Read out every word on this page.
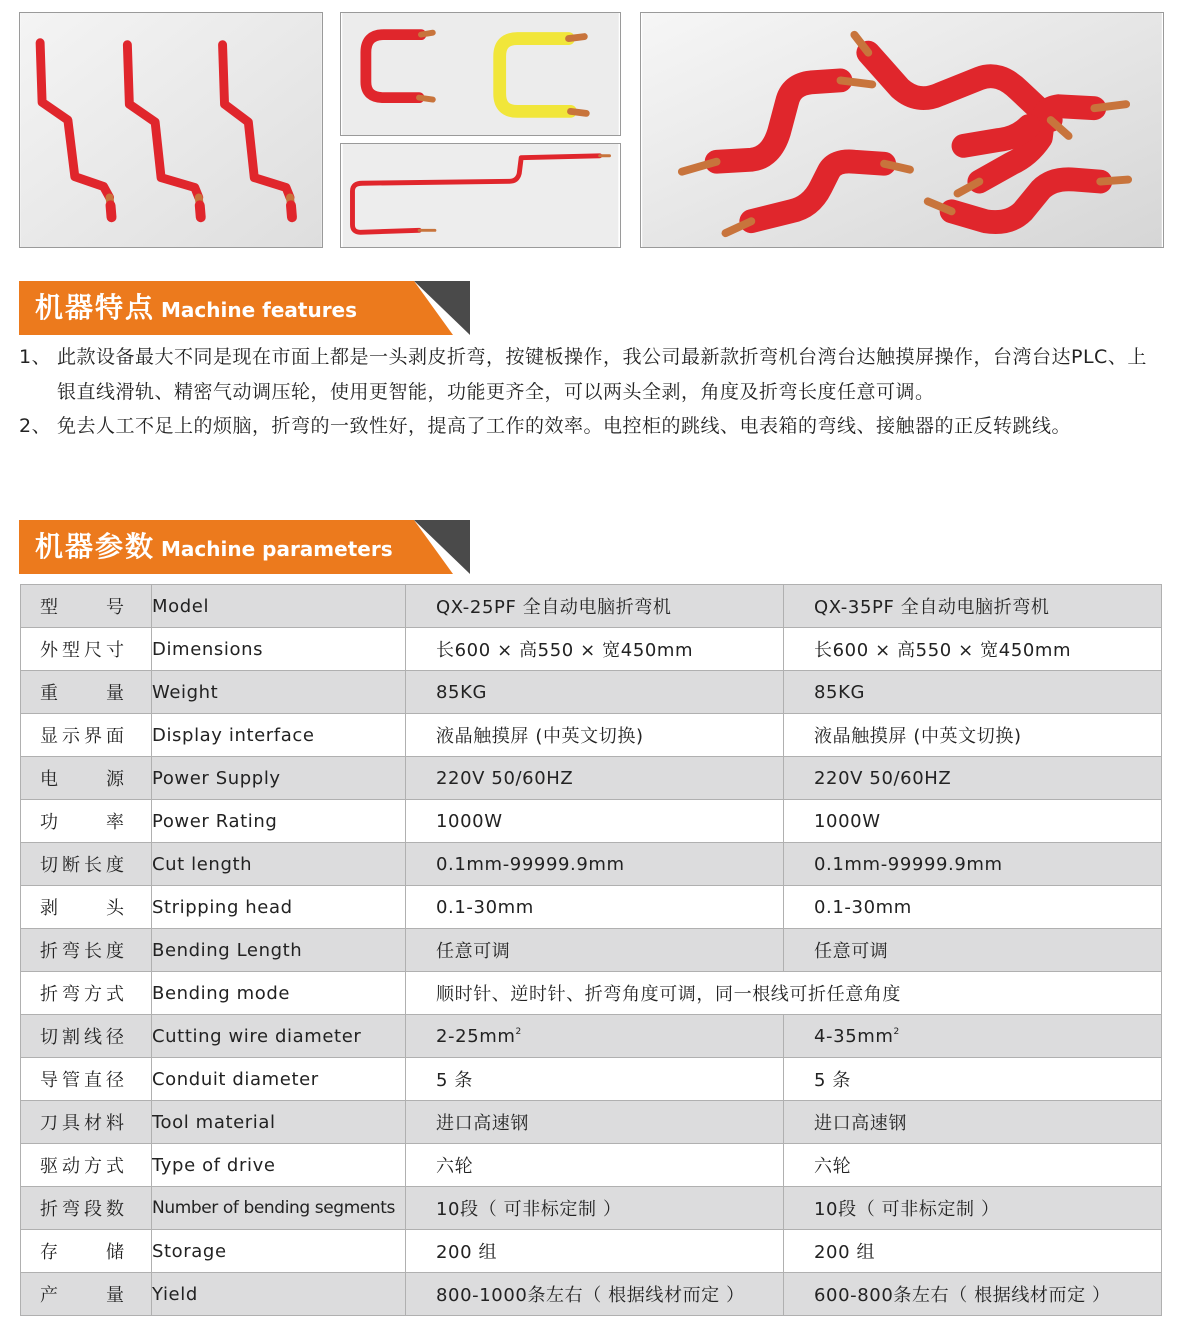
机器特点 Machine features
1、 此款设备最大不同是现在市面上都是一头剥皮折弯，按键板操作，我公司最新款折弯机台湾台达触摸屏操作，台湾台达PLC、上银直线滑轨、精密气动调压轮，使用更智能，功能更齐全，可以两头全剥，角度及折弯长度任意可调。
2、 免去人工不足上的烦脑，折弯的一致性好，提高了工作的效率。电控柜的跳线、电表箱的弯线、接触器的正反转跳线。
机器参数 Machine parameters
型号	Model	QX-25PF 全自动电脑折弯机	QX-35PF 全自动电脑折弯机
外型尺寸	Dimensions	长600 × 高550 × 宽450mm	长600 × 高550 × 宽450mm
重量	Weight	85KG	85KG
显示界面	Display interface	液晶触摸屏 (中英文切换)	液晶触摸屏 (中英文切换)
电源	Power Supply	220V 50/60HZ	220V 50/60HZ
功率	Power Rating	1000W	1000W
切断长度	Cut length	0.1mm-99999.9mm	0.1mm-99999.9mm
剥头	Stripping head	0.1-30mm	0.1-30mm
折弯长度	Bending Length	任意可调	任意可调
折弯方式	Bending mode	顺时针、逆时针、折弯角度可调，同一根线可折任意角度	
切割线径	Cutting wire diameter	$2-25mm^2$	$4-35mm^2$
导管直径	Conduit diameter	5 条	5 条
刀具材料	Tool material	进口高速钢	进口高速钢
驱动方式	Type of drive	六轮	六轮
折弯段数	Number of bending segments	10段（ 可非标定制 ）	10段（ 可非标定制 ）
存储	Storage	200 组	200 组
产量	Yield	800-1000条左右（ 根据线材而定 ）	600-800条左右（ 根据线材而定 ）
